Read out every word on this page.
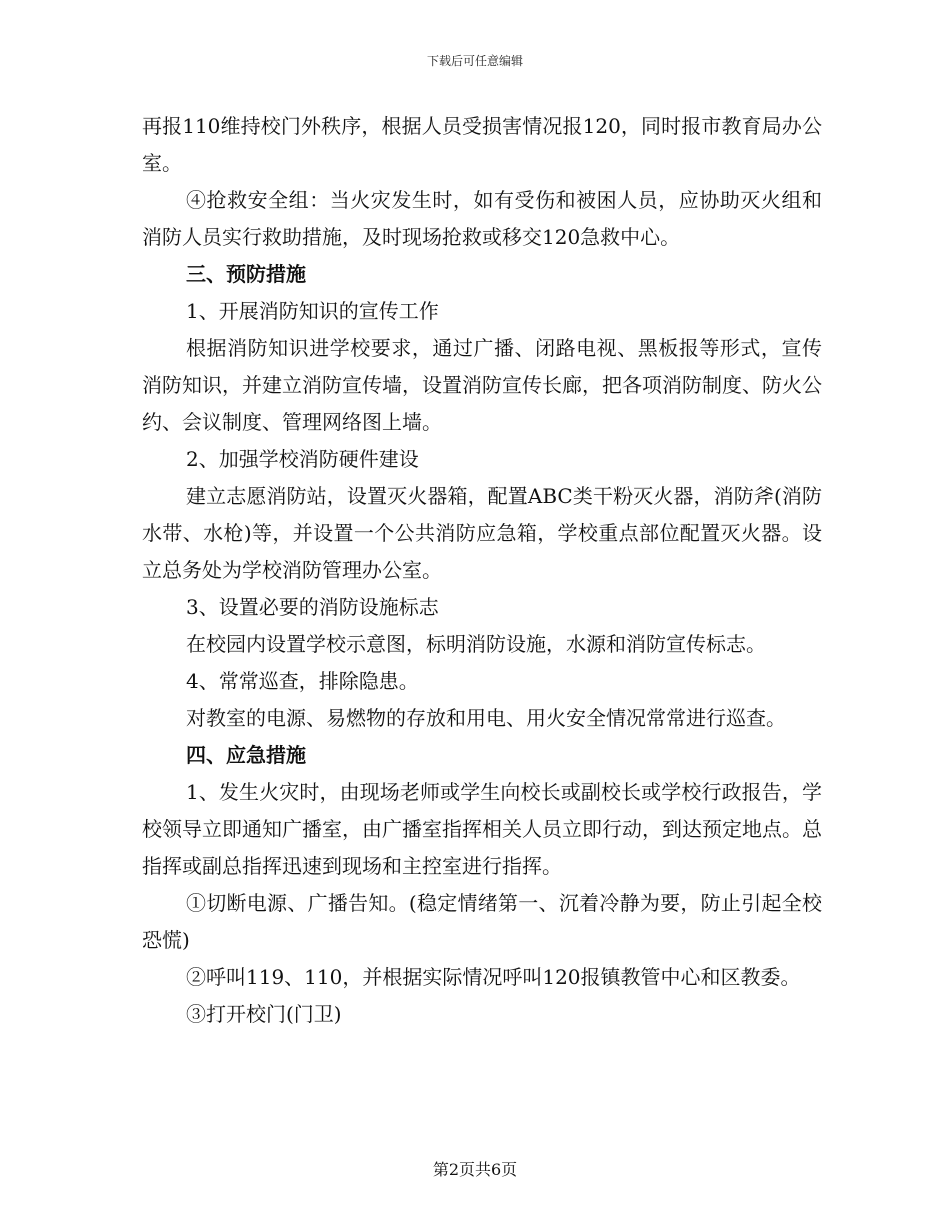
下载后可任意编辑

再报110维持校门外秩序，根据人员受损害情况报120，同时报市教育局办公室。

④抢救安全组：当火灾发生时，如有受伤和被困人员，应协助灭火组和消防人员实行救助措施，及时现场抢救或移交120急救中心。

三、预防措施

1、开展消防知识的宣传工作

根据消防知识进学校要求，通过广播、闭路电视、黑板报等形式，宣传消防知识，并建立消防宣传墙，设置消防宣传长廊，把各项消防制度、防火公约、会议制度、管理网络图上墙。

2、加强学校消防硬件建设

建立志愿消防站，设置灭火器箱，配置ABC类干粉灭火器，消防斧(消防水带、水枪)等，并设置一个公共消防应急箱，学校重点部位配置灭火器。设立总务处为学校消防管理办公室。

3、设置必要的消防设施标志

在校园内设置学校示意图，标明消防设施，水源和消防宣传标志。

4、常常巡查，排除隐患。

对教室的电源、易燃物的存放和用电、用火安全情况常常进行巡查。

四、应急措施

1、发生火灾时，由现场老师或学生向校长或副校长或学校行政报告，学校领导立即通知广播室，由广播室指挥相关人员立即行动，到达预定地点。总指挥或副总指挥迅速到现场和主控室进行指挥。

①切断电源、广播告知。(稳定情绪第一、沉着冷静为要，防止引起全校恐慌)

②呼叫119、110，并根据实际情况呼叫120报镇教管中心和区教委。

③打开校门(门卫)

第2页共6页
